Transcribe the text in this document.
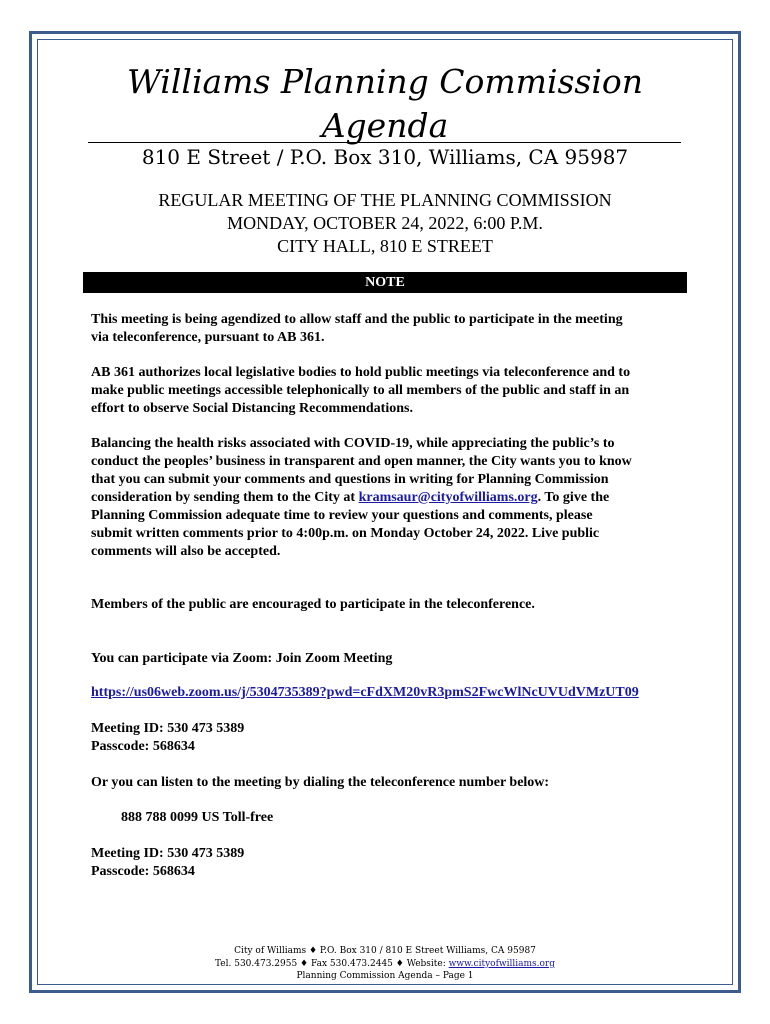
Williams Planning Commission
Agenda
810 E Street / P.O. Box 310, Williams, CA 95987
REGULAR MEETING OF THE PLANNING COMMISSION
MONDAY, OCTOBER 24, 2022, 6:00 P.M.
CITY HALL, 810 E STREET
NOTE
This meeting is being agendized to allow staff and the public to participate in the meeting
via teleconference, pursuant to AB 361.
AB 361 authorizes local legislative bodies to hold public meetings via teleconference and to
make public meetings accessible telephonically to all members of the public and staff in an
effort to observe Social Distancing Recommendations.
Balancing the health risks associated with COVID-19, while appreciating the public’s to
conduct the peoples’ business in transparent and open manner, the City wants you to know
that you can submit your comments and questions in writing for Planning Commission
consideration by sending them to the City at kramsaur@cityofwilliams.org. To give the
Planning Commission adequate time to review your questions and comments, please
submit written comments prior to 4:00p.m. on Monday October 24, 2022. Live public
comments will also be accepted.
Members of the public are encouraged to participate in the teleconference.
You can participate via Zoom: Join Zoom Meeting
https://us06web.zoom.us/j/5304735389?pwd=cFdXM20vR3pmS2FwcWlNcUVUdVMzUT09
Meeting ID: 530 473 5389
Passcode: 568634
Or you can listen to the meeting by dialing the teleconference number below:
888 788 0099 US Toll-free
Meeting ID: 530 473 5389
Passcode: 568634
City of Williams ♦ P.O. Box 310 / 810 E Street Williams, CA 95987
Tel. 530.473.2955 ♦ Fax 530.473.2445 ♦ Website: www.cityofwilliams.org
Planning Commission Agenda – Page 1
